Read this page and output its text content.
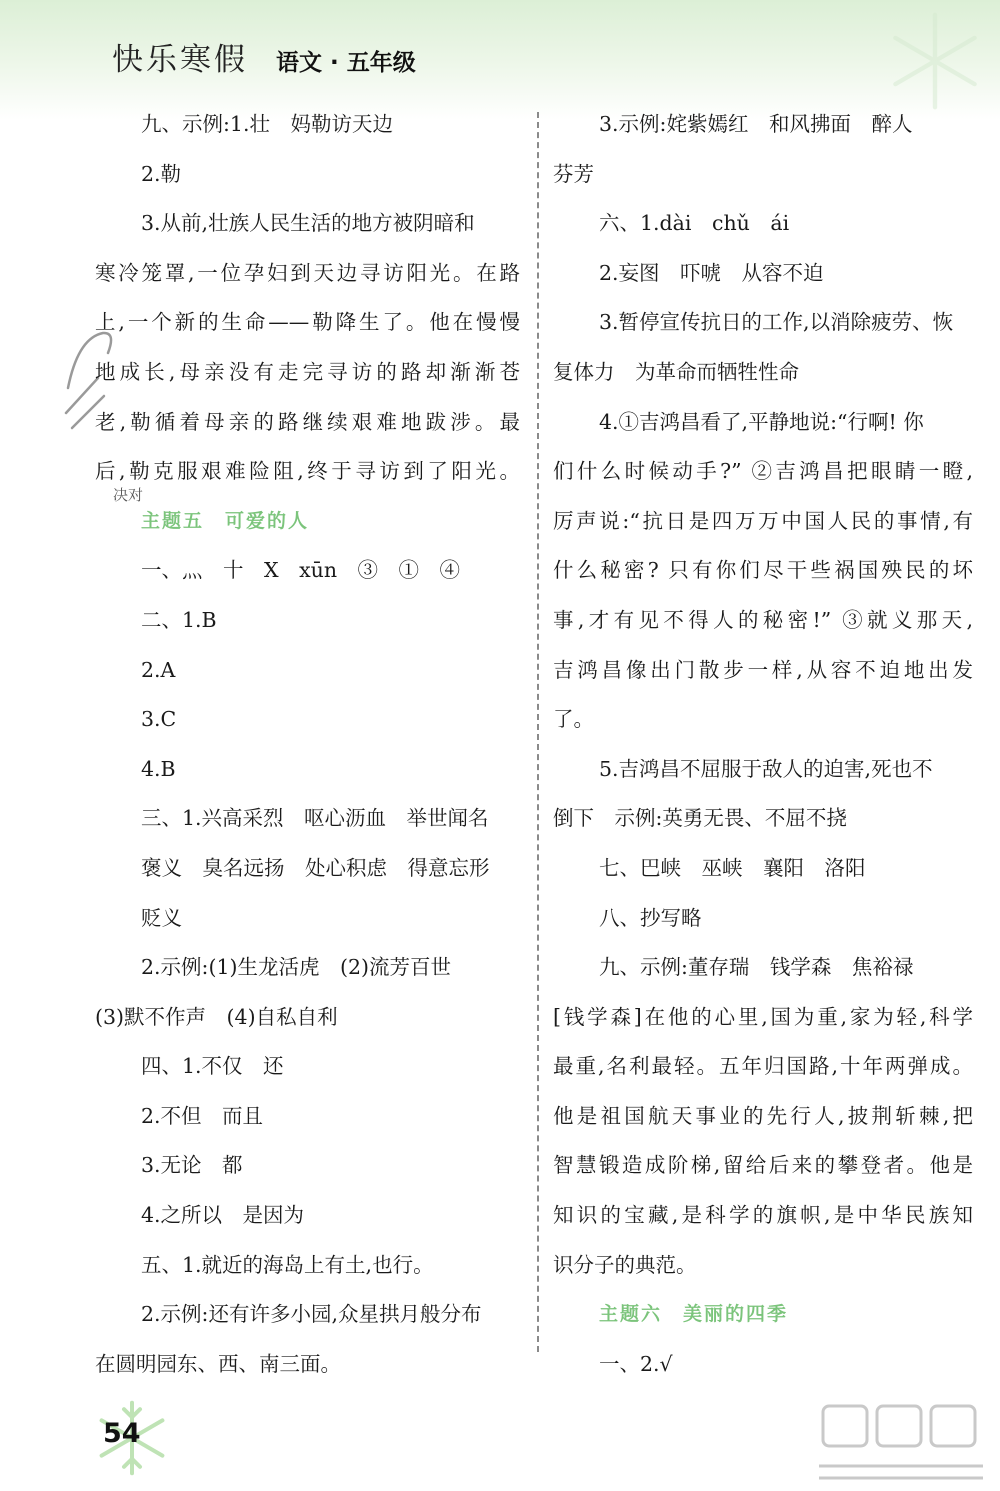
快乐寒假 语文 · 五年级
九、示例:1.壮　妈勒访天边
2.勒
3.从前,壮族人民生活的地方被阴暗和
寒冷笼罩,一位孕妇到天边寻访阳光。在路
上,一个新的生命——勒降生了。他在慢慢
地成长,母亲没有走完寻访的路却渐渐苍
老,勒循着母亲的路继续艰难地跋涉。最
后,勒克服艰难险阻,终于寻访到了阳光。
主题五　可爱的人
一、灬　十　X　xūn　③　①　④
二、1.B
2.A
3.C
4.B
三、1.兴高采烈　呕心沥血　举世闻名
褒义　臭名远扬　处心积虑　得意忘形
贬义
2.示例:(1)生龙活虎　(2)流芳百世
(3)默不作声　(4)自私自利
四、1.不仅　还
2.不但　而且
3.无论　都
4.之所以　是因为
五、1.就近的海岛上有土,也行。
2.示例:还有许多小园,众星拱月般分布
在圆明园东、西、南三面。
决对
3.示例:姹紫嫣红　和风拂面　醉人
芬芳
六、1.dài　chǔ　ái
2.妄图　吓唬　从容不迫
3.暂停宣传抗日的工作,以消除疲劳、恢
复体力　为革命而牺牲性命
4.①吉鸿昌看了,平静地说:“行啊! 你
们什么时候动手?” ②吉鸿昌把眼睛一瞪,
厉声说:“抗日是四万万中国人民的事情,有
什么秘密? 只有你们尽干些祸国殃民的坏
事,才有见不得人的秘密!” ③就义那天,
吉鸿昌像出门散步一样,从容不迫地出发
了。
5.吉鸿昌不屈服于敌人的迫害,死也不
倒下　示例:英勇无畏、不屈不挠
七、巴峡　巫峡　襄阳　洛阳
八、抄写略
九、示例:董存瑞　钱学森　焦裕禄
[钱学森]在他的心里,国为重,家为轻,科学
最重,名利最轻。五年归国路,十年两弹成。
他是祖国航天事业的先行人,披荆斩棘,把
智慧锻造成阶梯,留给后来的攀登者。他是
知识的宝藏,是科学的旗帜,是中华民族知
识分子的典范。
主题六　美丽的四季
一、2.√
54
